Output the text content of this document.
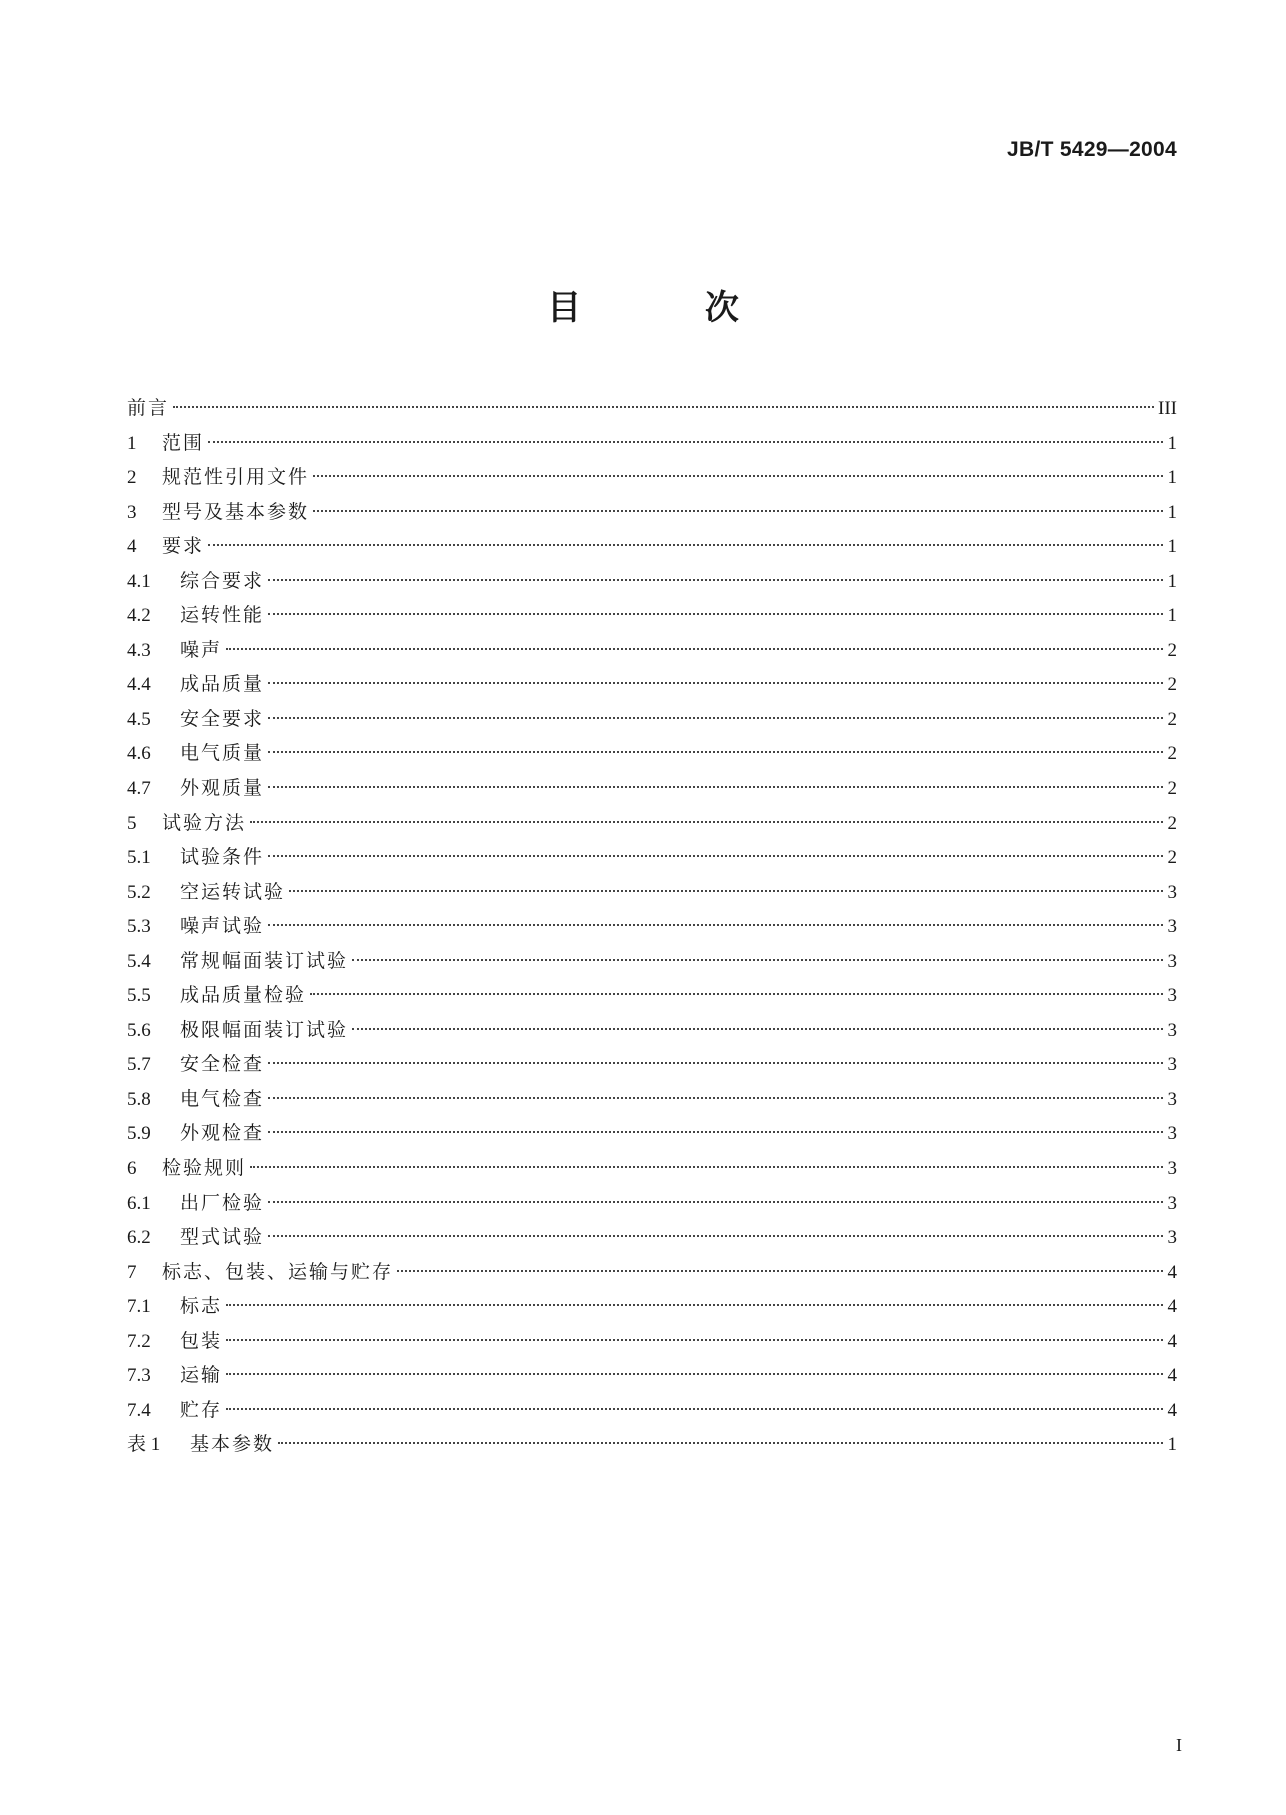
JB/T 5429—2004
目 次
前言	III
1	范围	1
2	规范性引用文件	1
3	型号及基本参数	1
4	要求	1
4.1	综合要求	1
4.2	运转性能	1
4.3	噪声	2
4.4	成品质量	2
4.5	安全要求	2
4.6	电气质量	2
4.7	外观质量	2
5	试验方法	2
5.1	试验条件	2
5.2	空运转试验	3
5.3	噪声试验	3
5.4	常规幅面装订试验	3
5.5	成品质量检验	3
5.6	极限幅面装订试验	3
5.7	安全检查	3
5.8	电气检查	3
5.9	外观检查	3
6	检验规则	3
6.1	出厂检验	3
6.2	型式试验	3
7	标志、包装、运输与贮存	4
7.1	标志	4
7.2	包装	4
7.3	运输	4
7.4	贮存	4
表 1	基本参数	1
I
